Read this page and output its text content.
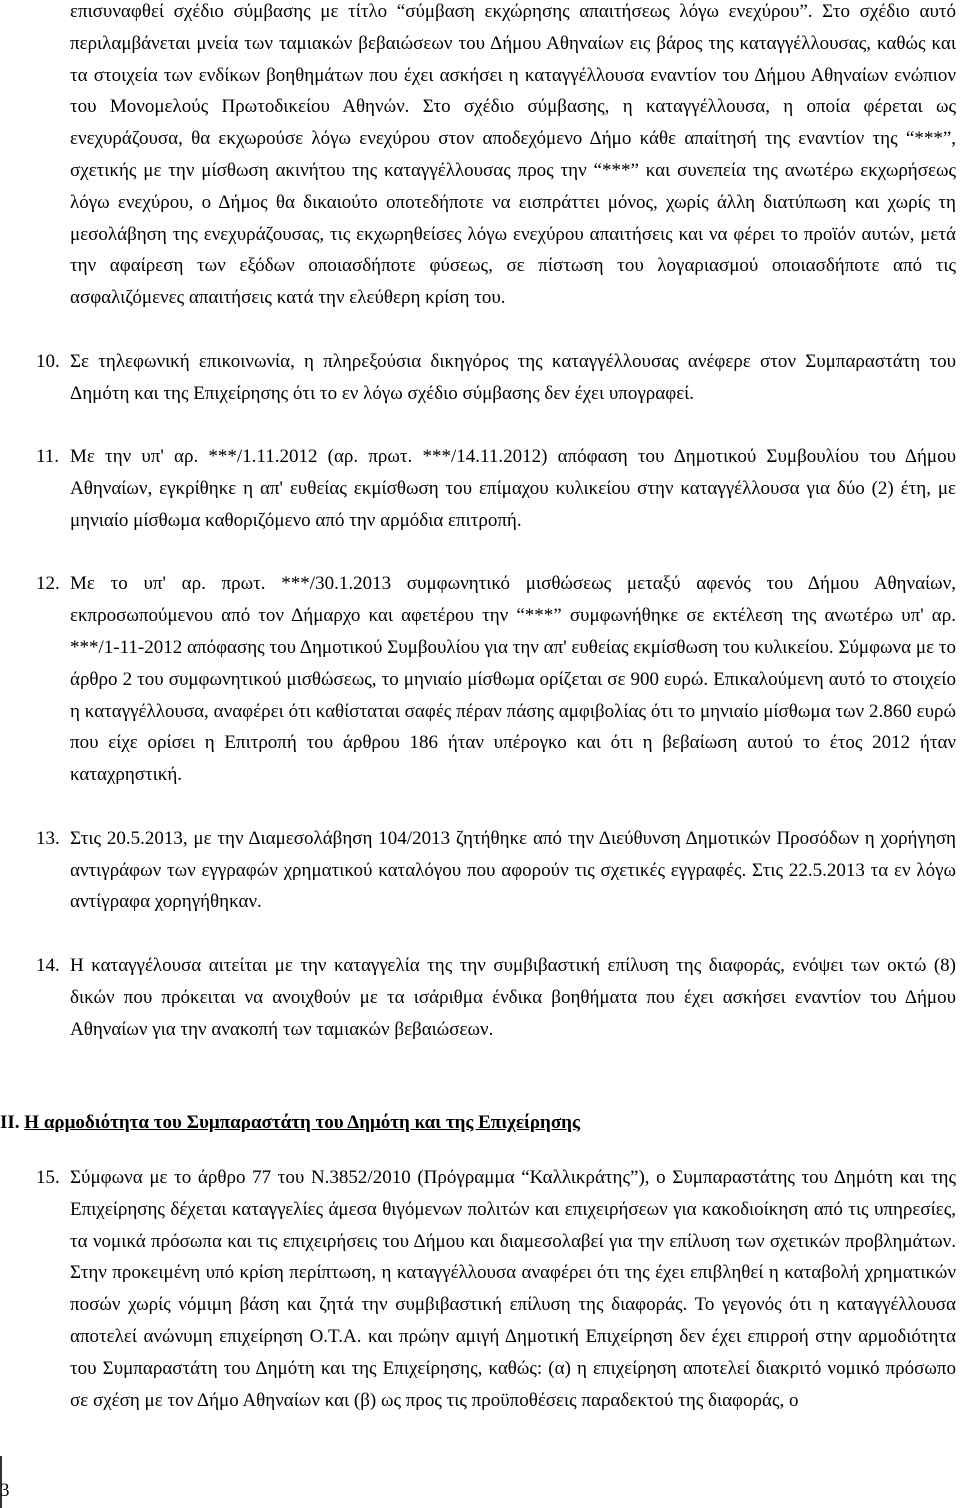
επισυναφθεί σχέδιο σύμβασης με τίτλο “σύμβαση εκχώρησης απαιτήσεως λόγω ενεχύρου”. Στο σχέδιο αυτό περιλαμβάνεται μνεία των ταμιακών βεβαιώσεων του Δήμου Αθηναίων εις βάρος της καταγγέλλουσας, καθώς και τα στοιχεία των ενδίκων βοηθημάτων που έχει ασκήσει η καταγγέλλουσα εναντίον του Δήμου Αθηναίων ενώπιον του Μονομελούς Πρωτοδικείου Αθηνών. Στο σχέδιο σύμβασης, η καταγγέλλουσα, η οποία φέρεται ως ενεχυράζουσα, θα εκχωρούσε λόγω ενεχύρου στον αποδεχόμενο Δήμο κάθε απαίτησή της εναντίον της “***”, σχετικής με την μίσθωση ακινήτου της καταγγέλλουσας προς την “***” και συνεπεία της ανωτέρω εκχωρήσεως λόγω ενεχύρου, ο Δήμος θα δικαιούτο οποτεδήποτε να εισπράττει μόνος, χωρίς άλλη διατύπωση και χωρίς τη μεσολάβηση της ενεχυράζουσας, τις εκχωρηθείσες λόγω ενεχύρου απαιτήσεις και να φέρει το προϊόν αυτών, μετά την αφαίρεση των εξόδων οποιασδήποτε φύσεως, σε πίστωση του λογαριασμού οποιασδήποτε από τις ασφαλιζόμενες απαιτήσεις κατά την ελεύθερη κρίση του.

10. Σε τηλεφωνική επικοινωνία, η πληρεξούσια δικηγόρος της καταγγέλλουσας ανέφερε στον Συμπαραστάτη του Δημότη και της Επιχείρησης ότι το εν λόγω σχέδιο σύμβασης δεν έχει υπογραφεί.
11. Με την υπ' αρ. ***/1.11.2012 (αρ. πρωτ. ***/14.11.2012) απόφαση του Δημοτικού Συμβουλίου του Δήμου Αθηναίων, εγκρίθηκε η απ' ευθείας εκμίσθωση του επίμαχου κυλικείου στην καταγγέλλουσα για δύο (2) έτη, με μηνιαίο μίσθωμα καθοριζόμενο από την αρμόδια επιτροπή.
12. Με το υπ' αρ. πρωτ. ***/30.1.2013 συμφωνητικό μισθώσεως μεταξύ αφενός του Δήμου Αθηναίων, εκπροσωπούμενου από τον Δήμαρχο και αφετέρου την “***” συμφωνήθηκε σε εκτέλεση της ανωτέρω υπ' αρ. ***/1-11-2012 απόφασης του Δημοτικού Συμβουλίου για την απ' ευθείας εκμίσθωση του κυλικείου. Σύμφωνα με το άρθρο 2 του συμφωνητικού μισθώσεως, το μηνιαίο μίσθωμα ορίζεται σε 900 ευρώ. Επικαλούμενη αυτό το στοιχείο η καταγγέλλουσα, αναφέρει ότι καθίσταται σαφές πέραν πάσης αμφιβολίας ότι το μηνιαίο μίσθωμα των 2.860 ευρώ που είχε ορίσει η Επιτροπή του άρθρου 186 ήταν υπέρογκο και ότι η βεβαίωση αυτού το έτος 2012 ήταν καταχρηστική.
13. Στις 20.5.2013, με την Διαμεσολάβηση 104/2013 ζητήθηκε από την Διεύθυνση Δημοτικών Προσόδων η χορήγηση αντιγράφων των εγγραφών χρηματικού καταλόγου που αφορούν τις σχετικές εγγραφές. Στις 22.5.2013 τα εν λόγω αντίγραφα χορηγήθηκαν.
14. Η καταγγέλουσα αιτείται με την καταγγελία της την συμβιβαστική επίλυση της διαφοράς, ενόψει των οκτώ (8) δικών που πρόκειται να ανοιχθούν με τα ισάριθμα ένδικα βοηθήματα που έχει ασκήσει εναντίον του Δήμου Αθηναίων για την ανακοπή των ταμιακών βεβαιώσεων.
ΙΙ. Η αρμοδιότητα του Συμπαραστάτη του Δημότη και της Επιχείρησης
15. Σύμφωνα με το άρθρο 77 του Ν.3852/2010 (Πρόγραμμα “Καλλικράτης”), ο Συμπαραστάτης του Δημότη και της Επιχείρησης δέχεται καταγγελίες άμεσα θιγόμενων πολιτών και επιχειρήσεων για κακοδιοίκηση από τις υπηρεσίες, τα νομικά πρόσωπα και τις επιχειρήσεις του Δήμου και διαμεσολαβεί για την επίλυση των σχετικών προβλημάτων. Στην προκειμένη υπό κρίση περίπτωση, η καταγγέλλουσα αναφέρει ότι της έχει επιβληθεί η καταβολή χρηματικών ποσών χωρίς νόμιμη βάση και ζητά την συμβιβαστική επίλυση της διαφοράς. Το γεγονός ότι η καταγγέλλουσα αποτελεί ανώνυμη επιχείρηση Ο.Τ.Α. και πρώην αμιγή Δημοτική Επιχείρηση δεν έχει επιρροή στην αρμοδιότητα του Συμπαραστάτη του Δημότη και της Επιχείρησης, καθώς: (α) η επιχείρηση αποτελεί διακριτό νομικό πρόσωπο σε σχέση με τον Δήμο Αθηναίων και (β) ως προς τις προϋποθέσεις παραδεκτού της διαφοράς, ο
3
